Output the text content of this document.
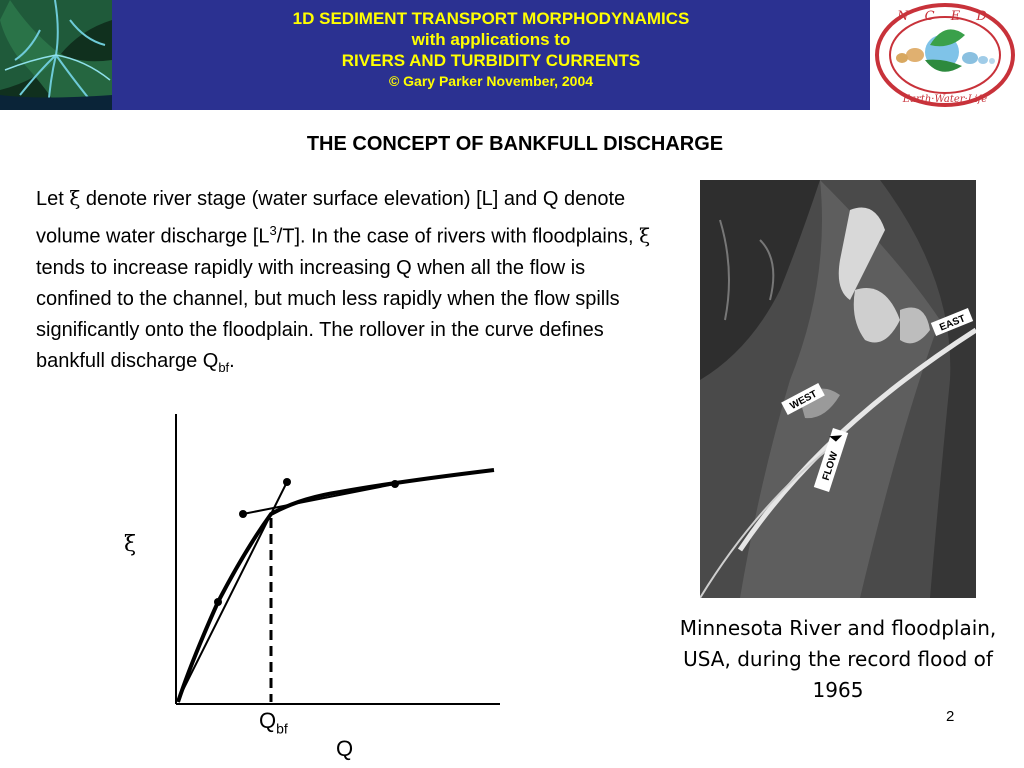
1D SEDIMENT TRANSPORT MORPHODYNAMICS
with applications to
RIVERS AND TURBIDITY CURRENTS
© Gary Parker November, 2004
N C E D
Earth·Water·Life
THE CONCEPT OF BANKFULL DISCHARGE
Let ξ denote river stage (water surface elevation) [L] and Q denote volume water discharge $[L^3/T]$. In the case of rivers with floodplains, ξ tends to increase rapidly with increasing Q when all the flow is confined to the channel, but much less rapidly when the flow spills significantly onto the floodplain. The rollover in the curve defines bankfull discharge $Q_{bf}$.
ξ
$Q_{bf}$
Q
EAST
WEST
FLOW
Minnesota River and floodplain, USA, during the record flood of 1965
2
